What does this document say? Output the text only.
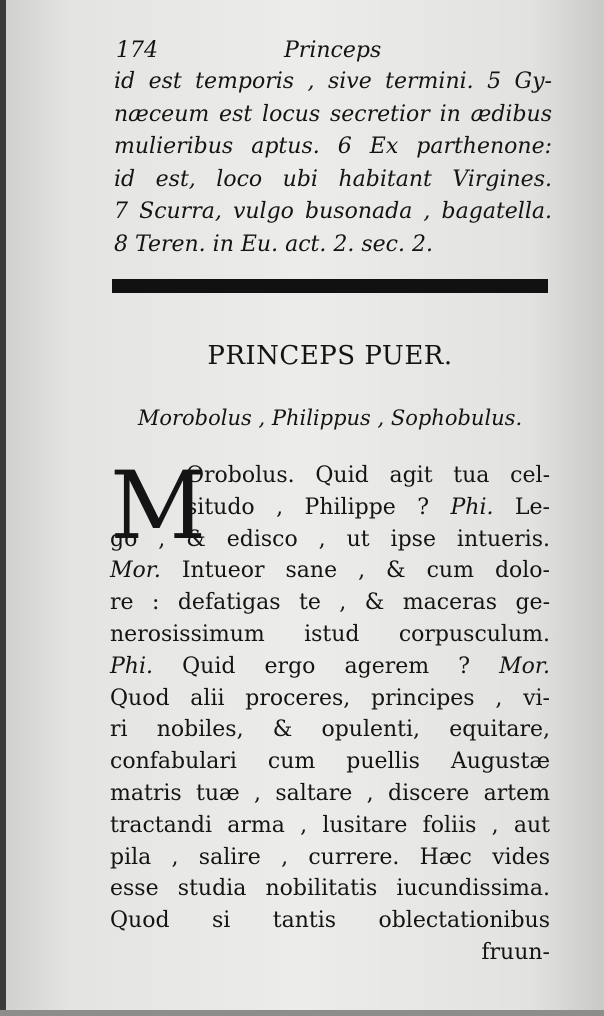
174	Princeps
id est temporis , sive termini. 5 Gy-
næceum est locus secretior in ædibus
mulieribus aptus. 6 Ex parthenone:
id est, loco ubi habitant Virgines.
7 Scurra, vulgo busonada , bagatella.
8 Teren. in Eu. act. 2. sec. 2.
PRINCEPS PUER.
Morobolus , Philippus , Sophobulus.
M
Orobolus. Quid agit tua cel-
situdo , Philippe ? Phi. Le-
go , & edisco , ut ipse intueris.
Mor. Intueor sane , & cum dolo-
re : defatigas te , & maceras ge-
nerosissimum istud corpusculum.
Phi. Quid ergo agerem ? Mor.
Quod alii proceres, principes , vi-
ri nobiles, & opulenti, equitare,
confabulari cum puellis Augustæ
matris tuæ , saltare , discere artem
tractandi arma , lusitare foliis , aut
pila , salire , currere. Hæc vides
esse studia nobilitatis iucundissima.
Quod si tantis oblectationibus
fruun-
